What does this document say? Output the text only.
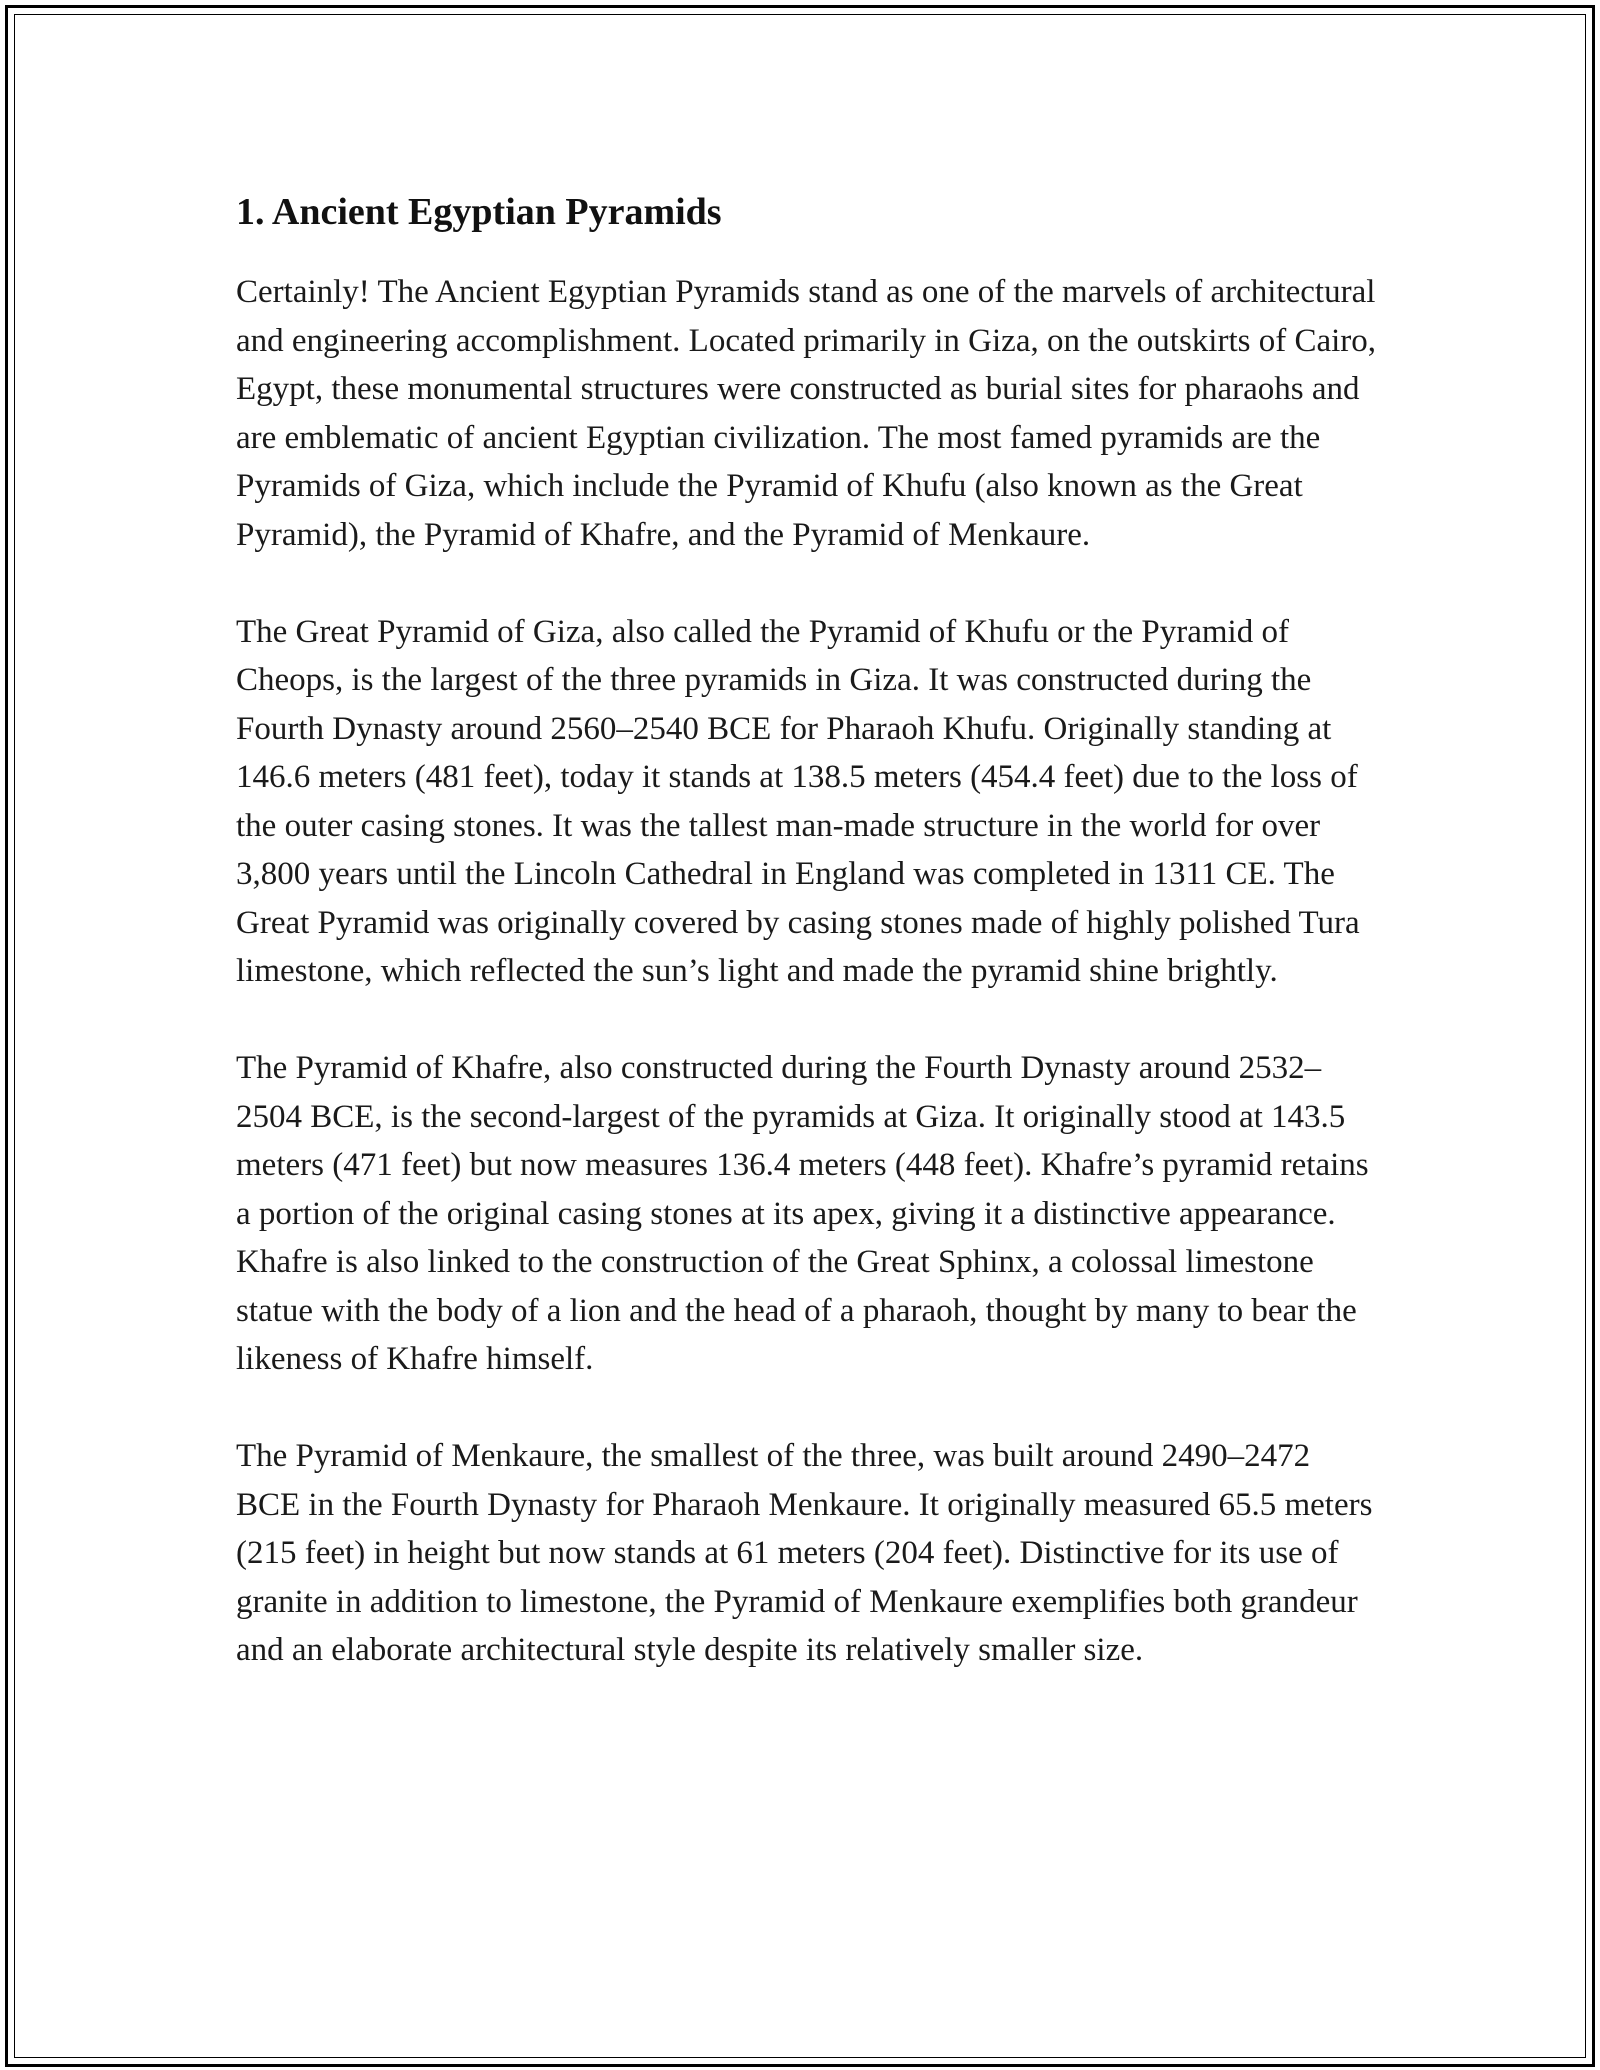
1. Ancient Egyptian Pyramids

Certainly! The Ancient Egyptian Pyramids stand as one of the marvels of architectural and engineering accomplishment. Located primarily in Giza, on the outskirts of Cairo, Egypt, these monumental structures were constructed as burial sites for pharaohs and are emblematic of ancient Egyptian civilization. The most famed pyramids are the Pyramids of Giza, which include the Pyramid of Khufu (also known as the Great Pyramid), the Pyramid of Khafre, and the Pyramid of Menkaure.

The Great Pyramid of Giza, also called the Pyramid of Khufu or the Pyramid of Cheops, is the largest of the three pyramids in Giza. It was constructed during the Fourth Dynasty around 2560–2540 BCE for Pharaoh Khufu. Originally standing at 146.6 meters (481 feet), today it stands at 138.5 meters (454.4 feet) due to the loss of the outer casing stones. It was the tallest man-made structure in the world for over 3,800 years until the Lincoln Cathedral in England was completed in 1311 CE. The Great Pyramid was originally covered by casing stones made of highly polished Tura limestone, which reflected the sun’s light and made the pyramid shine brightly.

The Pyramid of Khafre, also constructed during the Fourth Dynasty around 2532–2504 BCE, is the second-largest of the pyramids at Giza. It originally stood at 143.5 meters (471 feet) but now measures 136.4 meters (448 feet). Khafre’s pyramid retains a portion of the original casing stones at its apex, giving it a distinctive appearance. Khafre is also linked to the construction of the Great Sphinx, a colossal limestone statue with the body of a lion and the head of a pharaoh, thought by many to bear the likeness of Khafre himself.

The Pyramid of Menkaure, the smallest of the three, was built around 2490–2472 BCE in the Fourth Dynasty for Pharaoh Menkaure. It originally measured 65.5 meters (215 feet) in height but now stands at 61 meters (204 feet). Distinctive for its use of granite in addition to limestone, the Pyramid of Menkaure exemplifies both grandeur and an elaborate architectural style despite its relatively smaller size.
